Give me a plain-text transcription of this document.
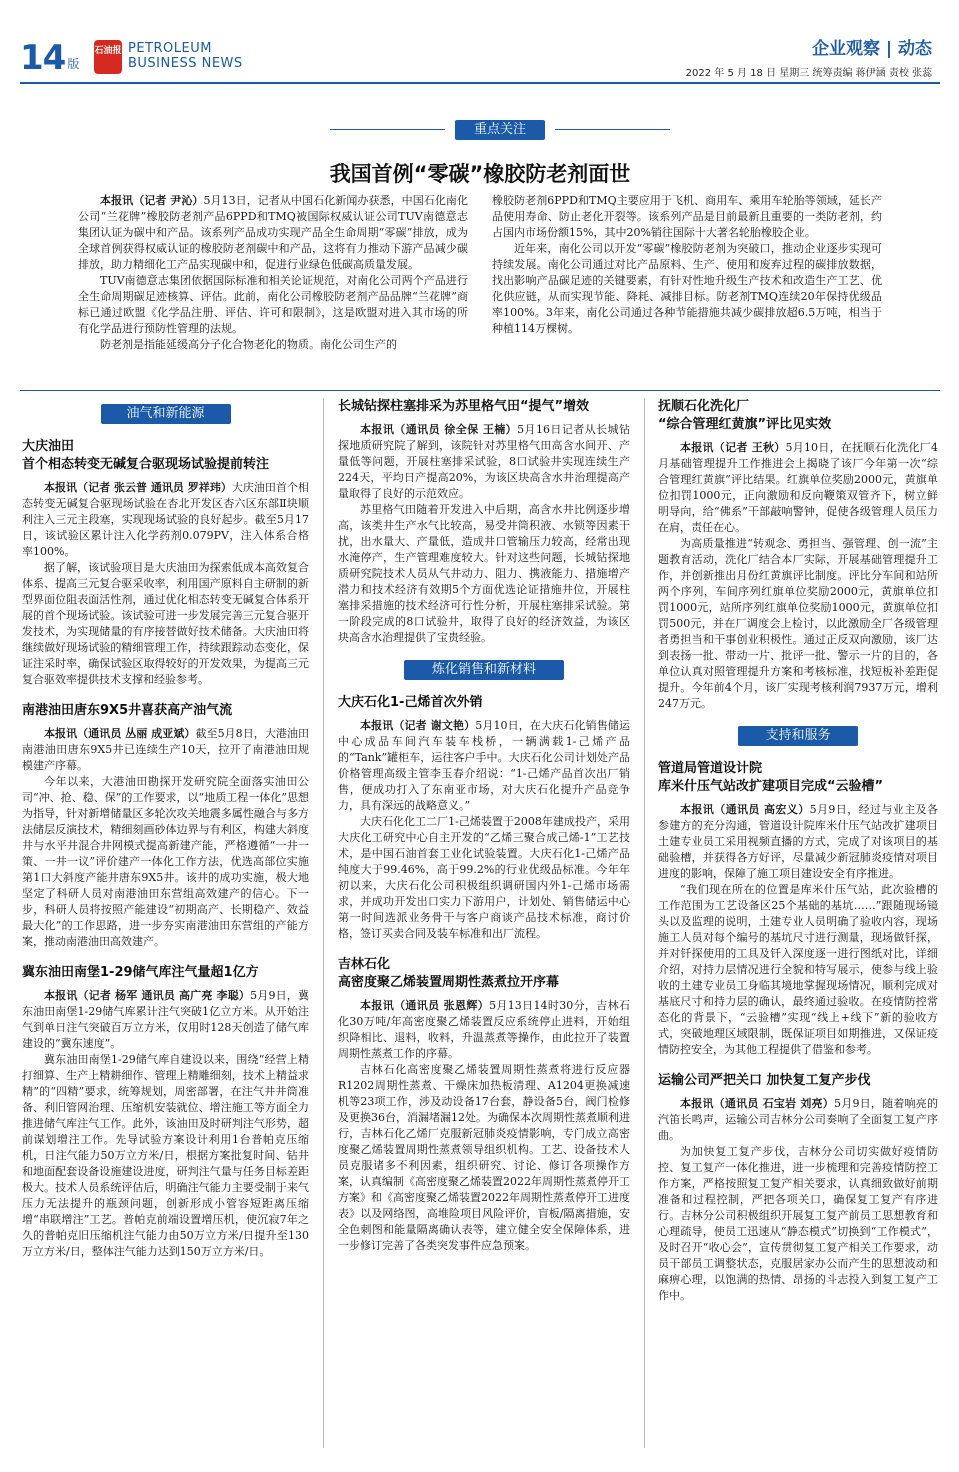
14 版
石油报 PETROLEUM
BUSINESS NEWS
企业观察 | 动态
2022 年 5 月 18 日 星期三 统筹责编 蒋伊涵 责校 张蕊
重点关注
我国首例“零碳”橡胶防老剂面世
本报讯（记者 尹沁）5月13日，记者从中国石化新闻办获悉，中国石化南化公司“兰花牌”橡胶防老剂产品6PPD和TMQ被国际权威认证公司TUV南德意志集团认证为碳中和产品。该系列产品成功实现产品全生命周期“零碳”排放，成为全球首例获得权威认证的橡胶防老剂碳中和产品，这将有力推动下游产品减少碳排放，助力精细化工产品实现碳中和，促进行业绿色低碳高质量发展。
TUV南德意志集团依据国际标准和相关论证规范，对南化公司两个产品进行全生命周期碳足迹核算、评估。此前，南化公司橡胶防老剂产品品牌“兰花牌”商标已通过欧盟《化学品注册、评估、许可和限制》，这是欧盟对进入其市场的所有化学品进行预防性管理的法规。
防老剂是指能延缓高分子化合物老化的物质。南化公司生产的
橡胶防老剂6PPD和TMQ主要应用于飞机、商用车、乘用车轮胎等领域，延长产品使用寿命、防止老化开裂等。该系列产品是目前最新且重要的一类防老剂，约占国内市场份额15%，其中20%销往国际十大著名轮胎橡胶企业。
近年来，南化公司以开发“零碳”橡胶防老剂为突破口，推动企业逐步实现可持续发展。南化公司通过对比产品原料、生产、使用和废弃过程的碳排放数据，找出影响产品碳足迹的关键要素，有针对性地升级生产技术和改造生产工艺、优化供应链，从而实现节能、降耗、减排目标。防老剂TMQ连续20年保持优级品率100%。3年来，南化公司通过各种节能措施共减少碳排放超6.5万吨，相当于种植114万棵树。
油气和新能源
大庆油田
首个相态转变无碱复合驱现场试验提前转注
本报讯（记者 张云普 通讯员 罗祥玮）大庆油田首个相态转变无碱复合驱现场试验在杏北开发区杏六区东部Ⅱ块顺利注入三元主段塞，实现现场试验的良好起步。截至5月17日，该试验区累计注入化学药剂0.079PV，注入体系合格率100%。
据了解，该试验项目是大庆油田为探索低成本高效复合体系、提高三元复合驱采收率，利用国产原料自主研制的新型界面位阻表面活性剂，通过优化相态转变无碱复合体系开展的首个现场试验。该试验可进一步发展完善三元复合驱开发技术，为实现储量的有序接替做好技术储备。大庆油田将继续做好现场试验的精细管理工作，持续跟踪动态变化，保证注采时率，确保试验区取得较好的开发效果，为提高三元复合驱效率提供技术支撑和经验参考。
南港油田唐东9X5井喜获高产油气流
本报讯（通讯员 丛丽 成亚斌）截至5月8日，大港油田南港油田唐东9X5井已连续生产10天，拉开了南港油田规模建产序幕。
今年以来，大港油田勘探开发研究院全面落实油田公司“冲、抢、稳、保”的工作要求，以“地质工程一体化”思想为指导，针对新增储量区多轮次攻关地震多属性融合与多方法储层反演技术，精细刻画砂体边界与有利区，构建大斜度井与水平井混合井网模式提高新建产能，严格遵循“一井一策、一井一议”评价建产一体化工作方法，优选高部位实施第1口大斜度产能井唐东9X5井。该井的成功实施，极大地坚定了科研人员对南港油田东营组高效建产的信心。下一步，科研人员将按照产能建设“初期高产、长期稳产、效益最大化”的工作思路，进一步夯实南港油田东营组的产能方案，推动南港油田高效建产。
冀东油田南堡1-29储气库注气量超1亿方
本报讯（记者 杨军 通讯员 高广亮 李聪）5月9日，冀东油田南堡1-29储气库累计注气突破1亿立方米。从开始注气到单日注气突破百万立方米，仅用时128天创造了储气库建设的“冀东速度”。
冀东油田南堡1-29储气库自建设以来，围绕“经营上精打细算、生产上精耕细作、管理上精雕细刻，技术上精益求精”的“四精”要求，统筹规划，周密部署，在注气井井筒准备、利旧管网治理、压缩机安装就位、增注施工等方面全力推进储气库注气工作。此外，该油田及时研判注气形势，超前谋划增注工作。先导试验方案设计利用1台普帕克压缩机，日注气能力50万立方米/日，根据方案批复时间、钻井和地面配套设备设施建设进度，研判注气量与任务目标差距极大。技术人员系统评估后，明确注气能力主要受制于来气压力无法提升的瓶颈问题，创新形成小管容短距离压缩增“串联增注”工艺。普帕克前端设置增压机，使沉寂7年之久的普帕克旧压缩机注气能力由50万立方米/日提升至130万立方米/日，整体注气能力达到150万立方米/日。
长城钻探柱塞排采为苏里格气田“提气”增效
本报讯（通讯员 徐全保 王楠）5月16日记者从长城钻探地质研究院了解到，该院针对苏里格气田高含水间开、产量低等问题，开展柱塞排采试验，8口试验井实现连续生产224天，平均日产提高20%，为该区块高含水井治理提高产量取得了良好的示范效应。
苏里格气田随着开发进入中后期，高含水井比例逐步增高，该类井生产水气比较高，易受井筒积液、水锁等因素干扰，出水量大、产量低，造成井口管输压力较高，经常出现水淹停产，生产管理难度较大。针对这些问题，长城钻探地质研究院技术人员从气井动力、阻力、携液能力、措施增产潜力和技术经济有效期5个方面优选论证措施井位，开展柱塞排采措施的技术经济可行性分析，开展柱塞排采试验。第一阶段完成的8口试验井，取得了良好的经济效益，为该区块高含水治理提供了宝贵经验。
炼化销售和新材料
大庆石化1-己烯首次外销
本报讯（记者 谢文艳）5月10日，在大庆石化销售储运中心成品车间汽车装车栈桥，一辆满载1-己烯产品的“Tank”罐柜车，运往客户手中。大庆石化公司计划处产品价格管理高级主管李玉春介绍说：“1-己烯产品首次出厂销售，便成功打入了东南亚市场，对大庆石化提升产品竞争力，具有深远的战略意义。”
大庆石化化工二厂1-己烯装置于2008年建成投产，采用大庆化工研究中心自主开发的“乙烯三聚合成己烯-1”工艺技术，是中国石油首套工业化试验装置。大庆石化1-己烯产品纯度大于99.46%，高于99.2%的行业优级品标准。今年年初以来，大庆石化公司积极组织调研国内外1-己烯市场需求，并成功开发出口实力下游用户，计划处、销售储运中心第一时间选派业务骨干与客户商谈产品技术标准，商讨价格，签订买卖合同及装车标准和出厂流程。
吉林石化
高密度聚乙烯装置周期性蒸煮拉开序幕
本报讯（通讯员 张恩辉）5月13日14时30分，吉林石化30万吨/年高密度聚乙烯装置反应系统停止进料，开始组织降相比、退料，收料，升温蒸煮等操作，由此拉开了装置周期性蒸煮工作的序幕。
吉林石化高密度聚乙烯装置周期性蒸煮将进行反应器R1202周期性蒸煮、干燥床加热板清理、A1204更换减速机等23项工作，涉及动设备17台套，静设备5台，阀门检修及更换36台，消漏堵漏12处。为确保本次周期性蒸煮顺利进行，吉林石化乙烯厂克服新冠肺炎疫情影响，专门成立高密度聚乙烯装置周期性蒸煮领导组织机构。工艺、设备技术人员克服诸多不利因素，组织研究、讨论、修订各项操作方案，认真编制《高密度聚乙烯装置2022年周期性蒸煮停开工方案》和《高密度聚乙烯装置2022年周期性蒸煮停开工进度表》以及网络图，高堆险项目风险评价，盲板/隔离措施，安全色刺图和能量隔离确认表等，建立健全安全保障体系，进一步修订完善了各类突发事件应急预案。
抚顺石化洗化厂
“综合管理红黄旗”评比见实效
本报讯（记者 王秋）5月10日，在抚顺石化洗化厂4月基础管理提升工作推进会上揭晓了该厂今年第一次“综合管理红黄旗”评比结果。红旗单位奖励2000元，黄旗单位扣罚1000元，正向激励和反向鞭策双管齐下，树立鲜明导向，给“佛系”干部敲响警钟，促使各级管理人员压力在肩，责任在心。
为高质量推进“转观念、勇担当、强管理、创一流”主题教育活动，洗化厂结合本厂实际，开展基础管理提升工作，并创新推出月份红黄旗评比制度。评比分车间和站所两个序列，车间序列红旗单位奖励2000元，黄旗单位扣罚1000元，站所序列红旗单位奖励1000元，黄旗单位扣罚500元，并在厂调度会上检讨，以此激励全厂各级管理者勇担当和干事创业积极性。通过正反双向激励，该厂达到表扬一批、带动一片、批评一批、警示一片的目的，各单位认真对照管理提升方案和考核标准，找短板补差距促提升。今年前4个月，该厂实现考核利润7937万元，增利247万元。
支持和服务
管道局管道设计院
库米什压气站改扩建项目完成“云验槽”
本报讯（通讯员 高宏义）5月9日，经过与业主及各参建方的充分沟通，管道设计院库米什压气站改扩建项目土建专业员工采用视频直播的方式，完成了对该项目的基础验槽，并获得各方好评，尽量减少新冠肺炎疫情对项目进度的影响，保障了施工项目建设安全有序推进。
“我们现在所在的位置是库米什压气站，此次验槽的工作范围为工艺设备区25个基础的基坑……”跟随现场镜头以及监理的说明，土建专业人员明确了验收内容，现场施工人员对每个编号的基坑尺寸进行测量，现场做钎探，并对钎探使用的工具及钎入深度逐一进行图纸对比，详细介绍，对持力层情况进行全貌和特写展示，使参与线上验收的土建专业员工身临其境地掌握现场情况，顺利完成对基底尺寸和持力层的确认，最终通过验收。在疫情防控常态化的背景下，“云验槽”实现“线上+线下”新的验收方式，突破地理区域限制，既保证项目如期推进，又保证疫情防控安全，为其他工程提供了借鉴和参考。
运输公司严把关口 加快复工复产步伐
本报讯（通讯员 石宝岩 刘亮）5月9日，随着响亮的汽笛长鸣声，运输公司吉林分公司奏响了全面复工复产序曲。
为加快复工复产步伐，吉林分公司切实做好疫情防控、复工复产一体化推进，进一步梳理和完善疫情防控工作方案，严格按照复工复产相关要求，认真细致做好前期准备和过程控制，严把各项关口，确保复工复产有序进行。吉林分公司积极组织开展复工复产前员工思想教育和心理疏导，使员工迅速从“静态模式”切换到“工作模式”，及时召开“收心会”，宣传贯彻复工复产相关工作要求，动员干部员工调整状态，克服居家办公而产生的思想波动和麻痹心理，以饱满的热情、昂扬的斗志投入到复工复产工作中。
